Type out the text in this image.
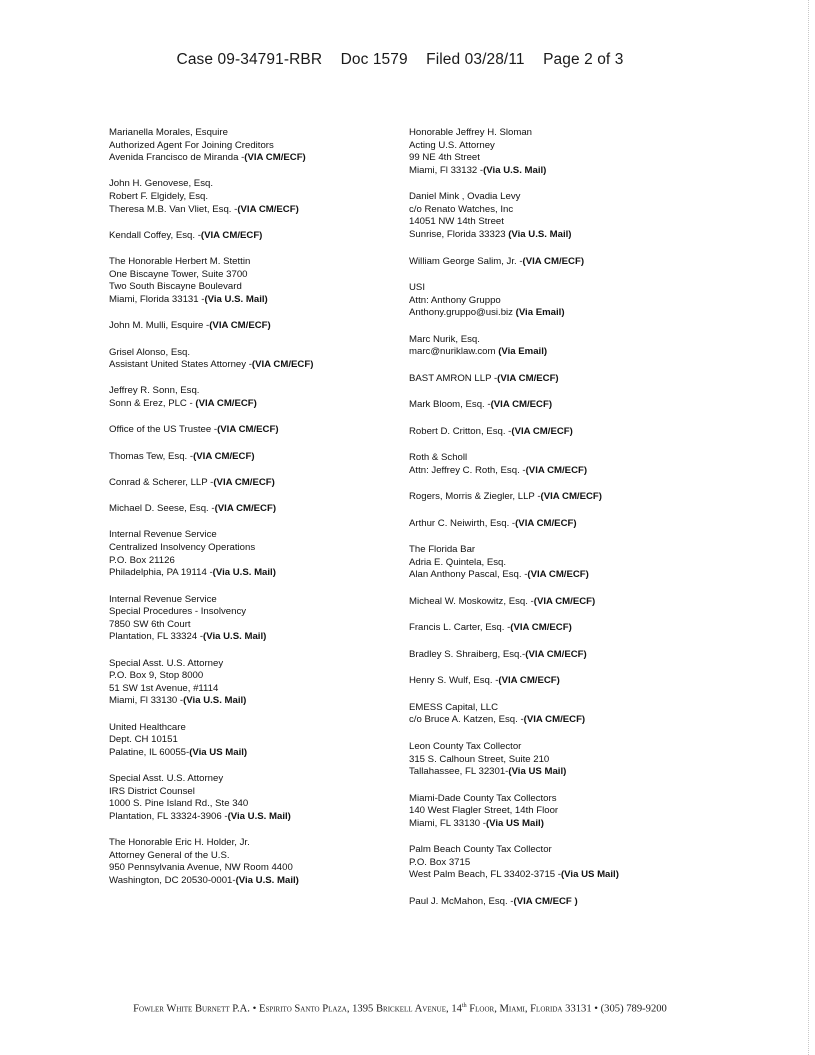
Case 09-34791-RBR Doc 1579 Filed 03/28/11 Page 2 of 3
Marianella Morales, Esquire
Authorized Agent For Joining Creditors
Avenida Francisco de Miranda -(VIA CM/ECF)
John H. Genovese, Esq.
Robert F. Elgidely, Esq.
Theresa M.B. Van Vliet, Esq. -(VIA CM/ECF)
Kendall Coffey, Esq. -(VIA CM/ECF)
The Honorable Herbert M. Stettin
One Biscayne Tower, Suite 3700
Two South Biscayne Boulevard
Miami, Florida 33131 -(Via U.S. Mail)
John M. Mulli, Esquire -(VIA CM/ECF)
Grisel Alonso, Esq.
Assistant United States Attorney -(VIA CM/ECF)
Jeffrey R. Sonn, Esq.
Sonn & Erez, PLC - (VIA CM/ECF)
Office of the US Trustee -(VIA CM/ECF)
Thomas Tew, Esq. -(VIA CM/ECF)
Conrad & Scherer, LLP -(VIA CM/ECF)
Michael D. Seese, Esq. -(VIA CM/ECF)
Internal Revenue Service
Centralized Insolvency Operations
P.O. Box 21126
Philadelphia, PA 19114 -(Via U.S. Mail)
Internal Revenue Service
Special Procedures - Insolvency
7850 SW 6th Court
Plantation, FL 33324 -(Via U.S. Mail)
Special Asst. U.S. Attorney
P.O. Box 9, Stop 8000
51 SW 1st Avenue, #1114
Miami, Fl 33130 -(Via U.S. Mail)
United Healthcare
Dept. CH 10151
Palatine, IL 60055-(Via US Mail)
Special Asst. U.S. Attorney
IRS District Counsel
1000 S. Pine Island Rd., Ste 340
Plantation, FL 33324-3906 -(Via U.S. Mail)
The Honorable Eric H. Holder, Jr.
Attorney General of the U.S.
950 Pennsylvania Avenue, NW Room 4400
Washington, DC 20530-0001-(Via U.S. Mail)
Honorable Jeffrey H. Sloman
Acting U.S. Attorney
99 NE 4th Street
Miami, Fl 33132 -(Via U.S. Mail)
Daniel Mink , Ovadia Levy
c/o Renato Watches, Inc
14051 NW 14th Street
Sunrise, Florida 33323 (Via U.S. Mail)
William George Salim, Jr. -(VIA CM/ECF)
USI
Attn: Anthony Gruppo
Anthony.gruppo@usi.biz (Via Email)
Marc Nurik, Esq.
marc@nuriklaw.com (Via Email)
BAST AMRON LLP -(VIA CM/ECF)
Mark Bloom, Esq. -(VIA CM/ECF)
Robert D. Critton, Esq. -(VIA CM/ECF)
Roth & Scholl
Attn: Jeffrey C. Roth, Esq. -(VIA CM/ECF)
Rogers, Morris & Ziegler, LLP -(VIA CM/ECF)
Arthur C. Neiwirth, Esq. -(VIA CM/ECF)
The Florida Bar
Adria E. Quintela, Esq.
Alan Anthony Pascal, Esq. -(VIA CM/ECF)
Micheal W. Moskowitz, Esq. -(VIA CM/ECF)
Francis L. Carter, Esq. -(VIA CM/ECF)
Bradley S. Shraiberg, Esq.-(VIA CM/ECF)
Henry S. Wulf, Esq. -(VIA CM/ECF)
EMESS Capital, LLC
c/o Bruce A. Katzen, Esq. -(VIA CM/ECF)
Leon County Tax Collector
315 S. Calhoun Street, Suite 210
Tallahassee, FL 32301-(Via US Mail)
Miami-Dade County Tax Collectors
140 West Flagler Street, 14th Floor
Miami, FL 33130 -(Via US Mail)
Palm Beach County Tax Collector
P.O. Box 3715
West Palm Beach, FL 33402-3715 -(Via US Mail)
Paul J. McMahon, Esq. -(VIA CM/ECF )
Fowler White Burnett P.A. • Espirito Santo Plaza, 1395 Brickell Avenue, 14th Floor, Miami, Florida 33131 • (305) 789-9200
